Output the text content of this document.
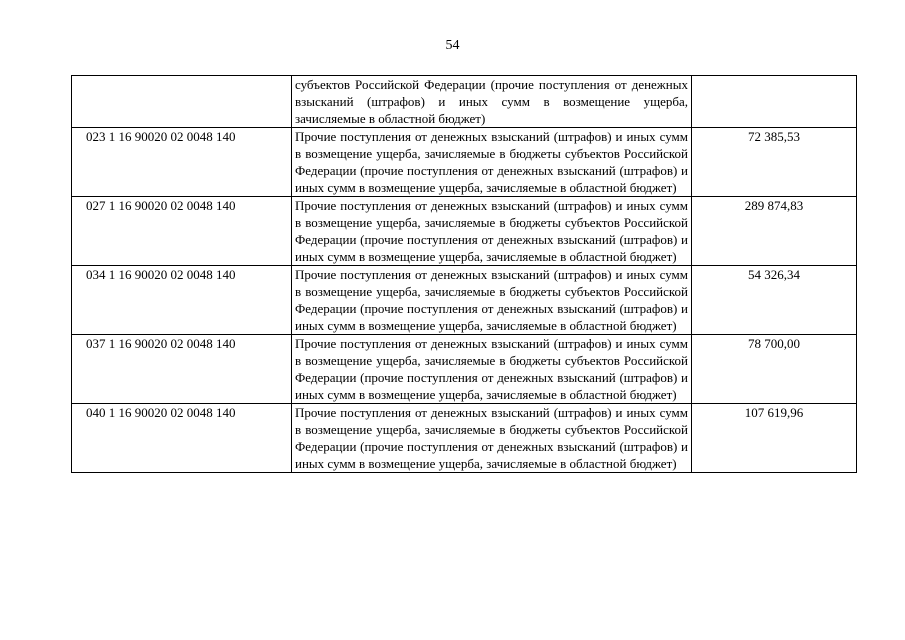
54
	субъектов Российской Федерации (прочие поступления от денежных взысканий (штрафов) и иных сумм в возмещение ущерба, зачисляемые в областной бюджет)	
023 1 16 90020 02 0048 140	Прочие поступления от денежных взысканий (штрафов) и иных сумм в возмещение ущерба, зачисляемые в бюджеты субъектов Российской Федерации (прочие поступления от денежных взысканий (штрафов) и иных сумм в возмещение ущерба, зачисляемые в областной бюджет)	72 385,53
027 1 16 90020 02 0048 140	Прочие поступления от денежных взысканий (штрафов) и иных сумм в возмещение ущерба, зачисляемые в бюджеты субъектов Российской Федерации (прочие поступления от денежных взысканий (штрафов) и иных сумм в возмещение ущерба, зачисляемые в областной бюджет)	289 874,83
034 1 16 90020 02 0048 140	Прочие поступления от денежных взысканий (штрафов) и иных сумм в возмещение ущерба, зачисляемые в бюджеты субъектов Российской Федерации (прочие поступления от денежных взысканий (штрафов) и иных сумм в возмещение ущерба, зачисляемые в областной бюджет)	54 326,34
037 1 16 90020 02 0048 140	Прочие поступления от денежных взысканий (штрафов) и иных сумм в возмещение ущерба, зачисляемые в бюджеты субъектов Российской Федерации (прочие поступления от денежных взысканий (штрафов) и иных сумм в возмещение ущерба, зачисляемые в областной бюджет)	78 700,00
040 1 16 90020 02 0048 140	Прочие поступления от денежных взысканий (штрафов) и иных сумм в возмещение ущерба, зачисляемые в бюджеты субъектов Российской Федерации (прочие поступления от денежных взысканий (штрафов) и иных сумм в возмещение ущерба, зачисляемые в областной бюджет)	107 619,96
